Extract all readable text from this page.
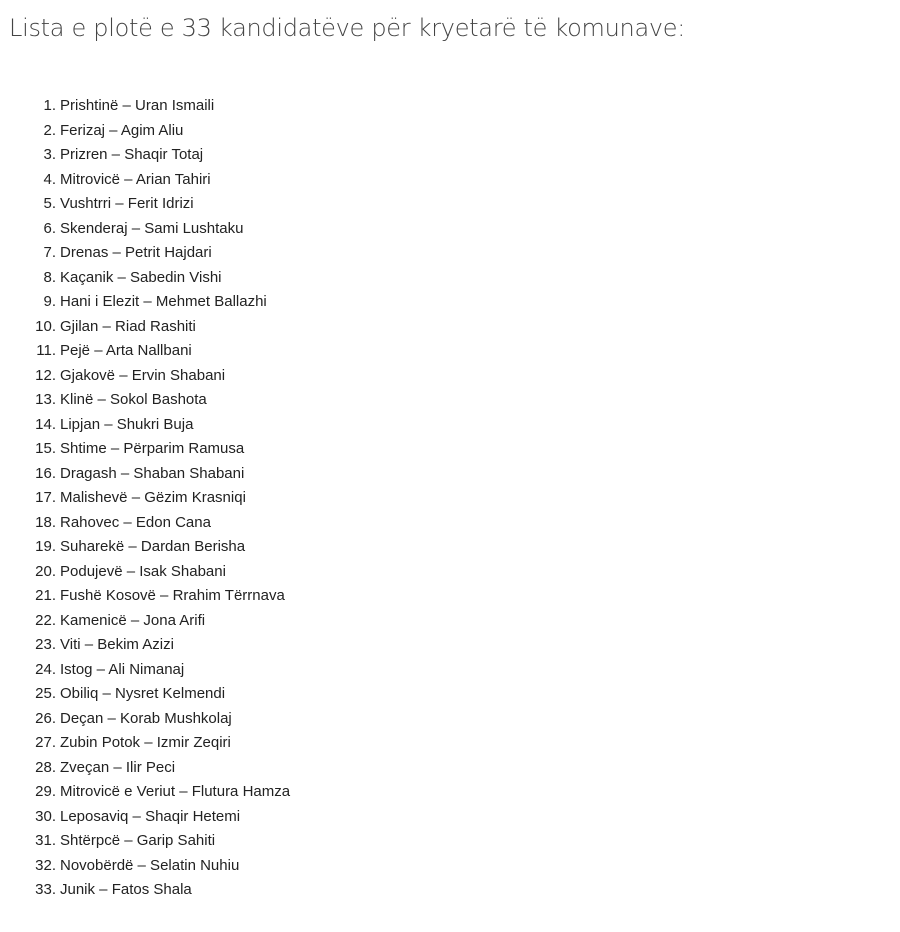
Lista e plotë e 33 kandidatëve për kryetarë të komunave:
1. Prishtinë – Uran Ismaili
2. Ferizaj – Agim Aliu
3. Prizren – Shaqir Totaj
4. Mitrovicë – Arian Tahiri
5. Vushtrri – Ferit Idrizi
6. Skenderaj – Sami Lushtaku
7. Drenas – Petrit Hajdari
8. Kaçanik – Sabedin Vishi
9. Hani i Elezit – Mehmet Ballazhi
10. Gjilan – Riad Rashiti
11. Pejë – Arta Nallbani
12. Gjakovë – Ervin Shabani
13. Klinë – Sokol Bashota
14. Lipjan – Shukri Buja
15. Shtime – Përparim Ramusa
16. Dragash – Shaban Shabani
17. Malishevë – Gëzim Krasniqi
18. Rahovec – Edon Cana
19. Suharekë – Dardan Berisha
20. Podujevë – Isak Shabani
21. Fushë Kosovë – Rrahim Tërrnava
22. Kamenicë – Jona Arifi
23. Viti – Bekim Azizi
24. Istog – Ali Nimanaj
25. Obiliq – Nysret Kelmendi
26. Deçan – Korab Mushkolaj
27. Zubin Potok – Izmir Zeqiri
28. Zveçan – Ilir Peci
29. Mitrovicë e Veriut – Flutura Hamza
30. Leposaviq – Shaqir Hetemi
31. Shtërpcë – Garip Sahiti
32. Novobërdë – Selatin Nuhiu
33. Junik – Fatos Shala
